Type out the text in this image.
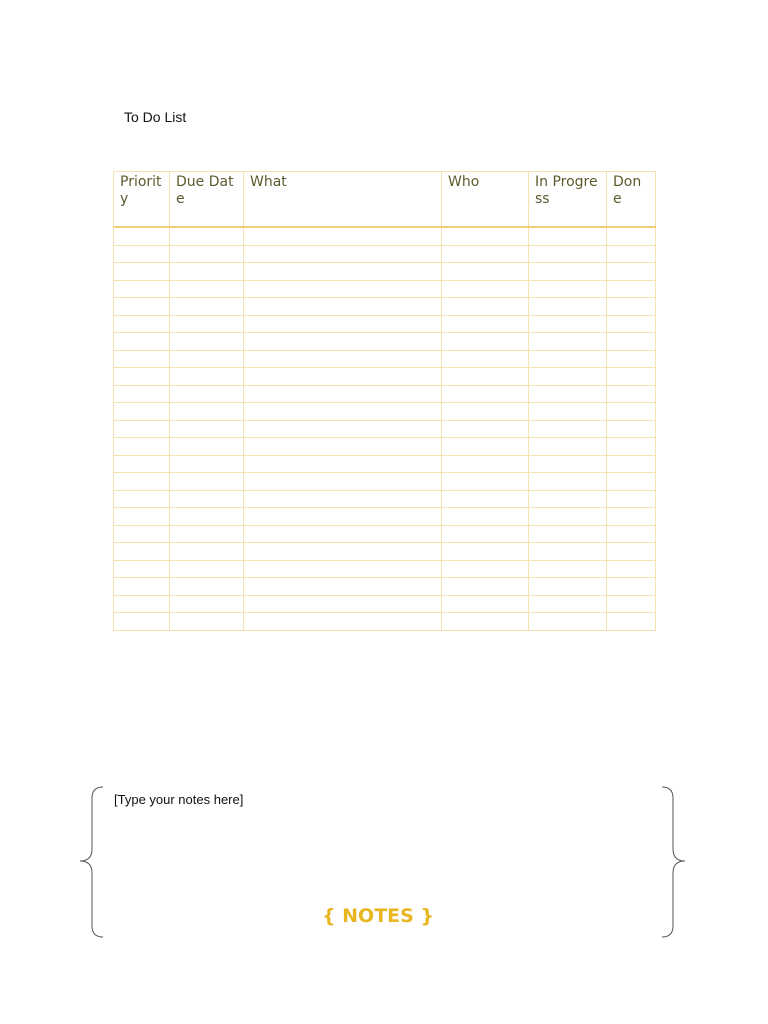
To Do List
Priority	Due Date	What	Who	In Progress	Done

[Type your notes here]
{ NOTES }
